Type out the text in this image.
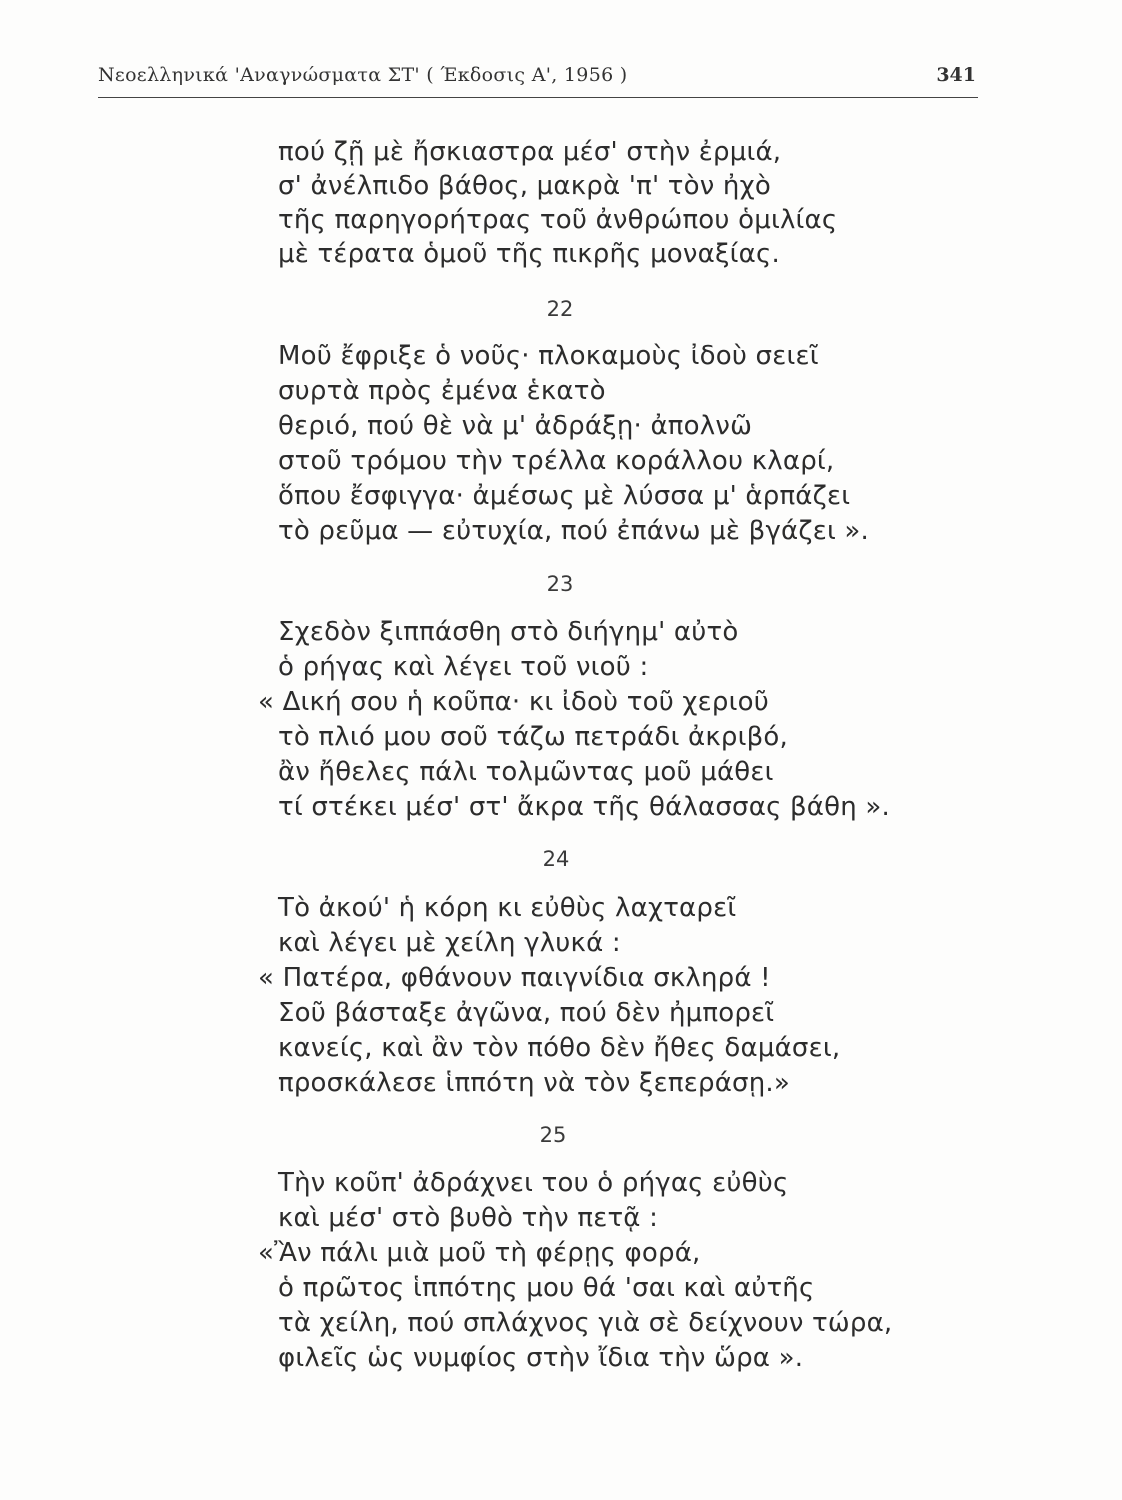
Νεοελληνικά 'Αναγνώσματα ΣΤ' ( Έκδοσις Α', 1956 )	341
πού ζῇ μὲ ἤσκιαστρα μέσ' στὴν ἐρμιά,
σ' ἀνέλπιδο βάθος, μακρὰ 'π' τὸν ἠχὸ
τῆς παρηγορήτρας τοῦ ἀνθρώπου ὁμιλίας
μὲ τέρατα ὁμοῦ τῆς πικρῆς μοναξίας.
22
Μοῦ ἔφριξε ὁ νοῦς· πλοκαμοὺς ἰδοὺ σειεῖ
συρτὰ πρὸς ἐμένα ἑκατὸ
θεριό, πού θὲ νὰ μ' ἀδράξῃ· ἀπολνῶ
στοῦ τρόμου τὴν τρέλλα κοράλλου κλαρί,
ὅπου ἔσφιγγα· ἀμέσως μὲ λύσσα μ' ἁρπάζει
τὸ ρεῦμα — εὐτυχία, πού ἐπάνω μὲ βγάζει ».
23
Σχεδὸν ξιππάσθη στὸ διήγημ' αὐτὸ
ὁ ρήγας καὶ λέγει τοῦ νιοῦ :
« Δική σου ἡ κοῦπα· κι ἰδοὺ τοῦ χεριοῦ
τὸ πλιό μου σοῦ τάζω πετράδι ἀκριβό,
ἂν ἤθελες πάλι τολμῶντας μοῦ μάθει
τί στέκει μέσ' στ' ἄκρα τῆς θάλασσας βάθη ».
24
Τὸ ἀκού' ἡ κόρη κι εὐθὺς λαχταρεῖ
καὶ λέγει μὲ χείλη γλυκά :
« Πατέρα, φθάνουν παιγνίδια σκληρά !
Σοῦ βάσταξε ἀγῶνα, πού δὲν ἠμπορεῖ
κανείς, καὶ ἂν τὸν πόθο δὲν ἤθες δαμάσει,
προσκάλεσε ἱππότη νὰ τὸν ξεπεράσῃ.»
25
Τὴν κοῦπ' ἀδράχνει του ὁ ρήγας εὐθὺς
καὶ μέσ' στὸ βυθὸ τὴν πετᾷ :
«Ἂν πάλι μιὰ μοῦ τὴ φέρῃς φορά,
ὁ πρῶτος ἱππότης μου θά 'σαι καὶ αὐτῆς
τὰ χείλη, πού σπλάχνος γιὰ σὲ δείχνουν τώρα,
φιλεῖς ὡς νυμφίος στὴν ἴδια τὴν ὥρα ».
